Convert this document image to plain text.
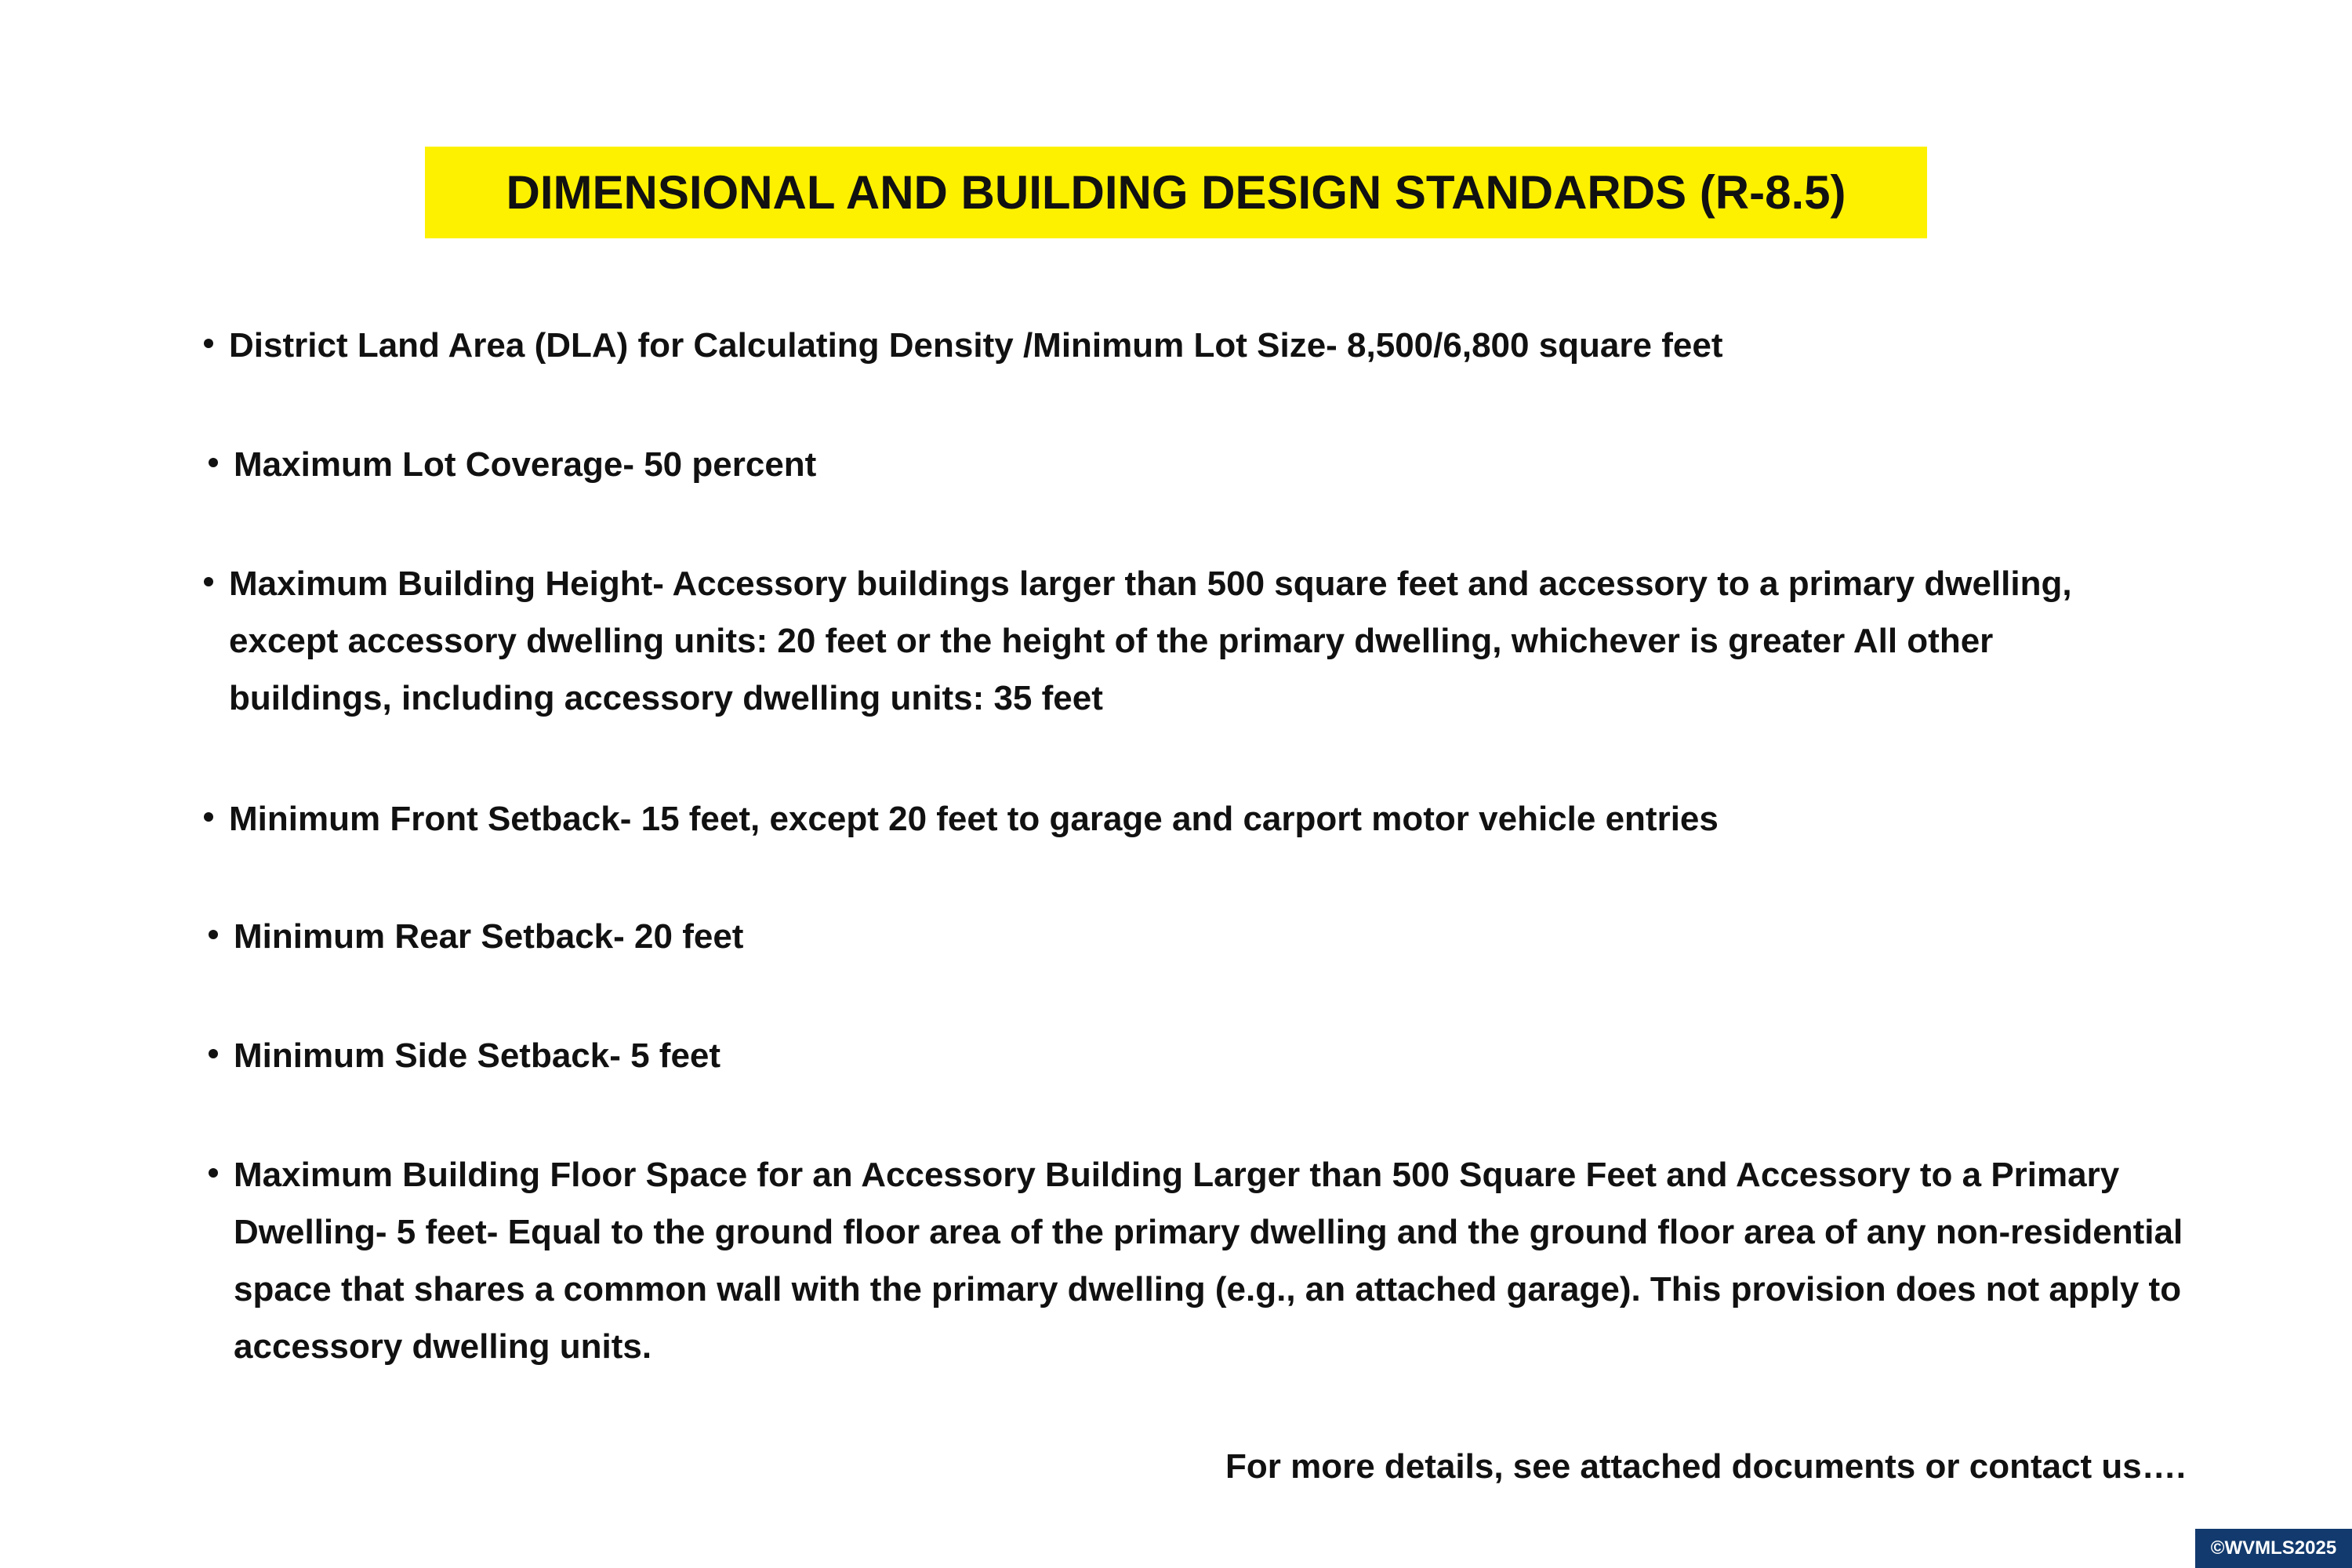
DIMENSIONAL AND BUILDING DESIGN STANDARDS (R-8.5)
District Land Area (DLA) for Calculating Density /Minimum Lot Size- 8,500/6,800 square feet
Maximum Lot Coverage- 50 percent
Maximum Building Height- Accessory buildings larger than 500 square feet and accessory to a primary dwelling, except accessory dwelling units: 20 feet or the height of the primary dwelling, whichever is greater All other buildings, including accessory dwelling units: 35 feet
Minimum Front Setback- 15 feet, except 20 feet to garage and carport motor vehicle entries
Minimum Rear Setback- 20 feet
Minimum Side Setback- 5 feet
Maximum Building Floor Space for an Accessory Building Larger than 500 Square Feet and Accessory to a Primary Dwelling- 5 feet- Equal to the ground floor area of the primary dwelling and the ground floor area of any non-residential space that shares a common wall with the primary dwelling (e.g., an attached garage). This provision does not apply to accessory dwelling units.
For more details, see attached documents or contact us….
©WVMLS2025
